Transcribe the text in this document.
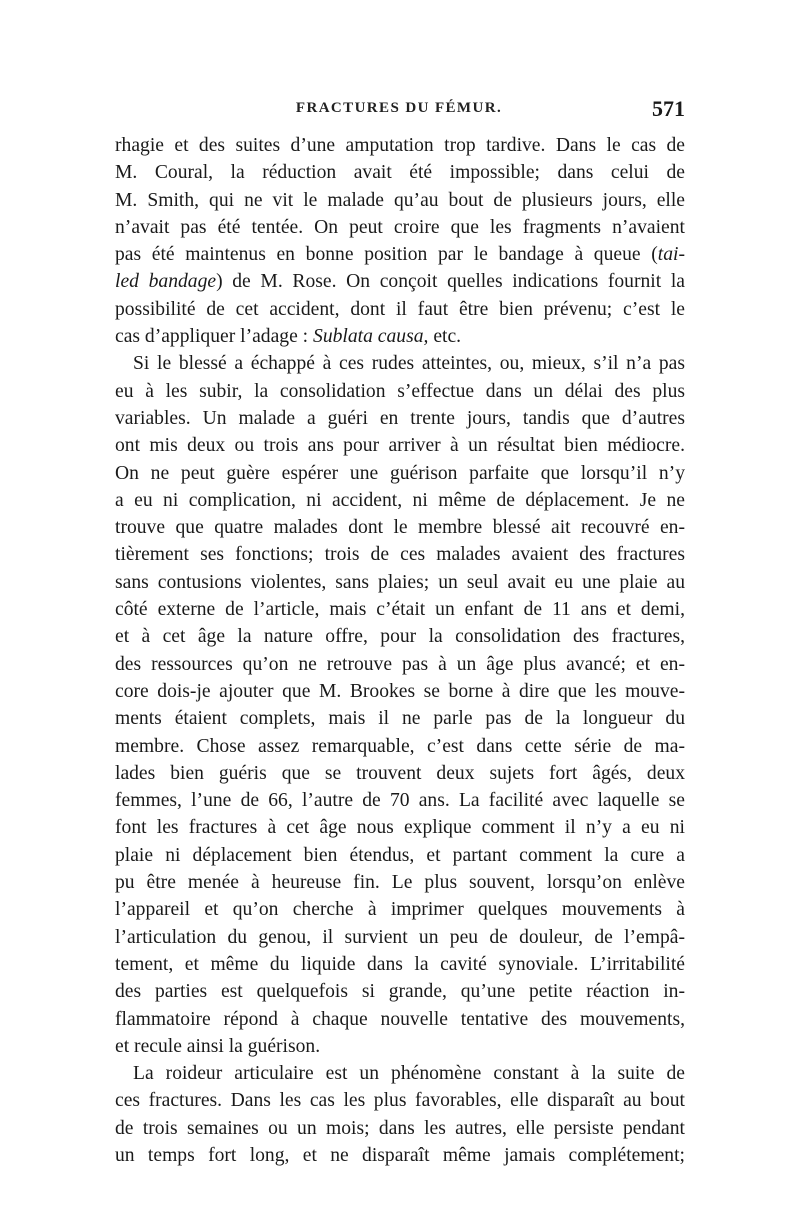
FRACTURES DU FÉMUR.	571
rhagie et des suites d’une amputation trop tardive. Dans le cas de
M. Coural, la réduction avait été impossible; dans celui de
M. Smith, qui ne vit le malade qu’au bout de plusieurs jours, elle
n’avait pas été tentée. On peut croire que les fragments n’avaient
pas été maintenus en bonne position par le bandage à queue (tai-
led bandage) de M. Rose. On conçoit quelles indications fournit la
possibilité de cet accident, dont il faut être bien prévenu; c’est le
cas d’appliquer l’adage : Sublata causa, etc.
Si le blessé a échappé à ces rudes atteintes, ou, mieux, s’il n’a pas
eu à les subir, la consolidation s’effectue dans un délai des plus
variables. Un malade a guéri en trente jours, tandis que d’autres
ont mis deux ou trois ans pour arriver à un résultat bien médiocre.
On ne peut guère espérer une guérison parfaite que lorsqu’il n’y
a eu ni complication, ni accident, ni même de déplacement. Je ne
trouve que quatre malades dont le membre blessé ait recouvré en-
tièrement ses fonctions; trois de ces malades avaient des fractures
sans contusions violentes, sans plaies; un seul avait eu une plaie au
côté externe de l’article, mais c’était un enfant de 11 ans et demi,
et à cet âge la nature offre, pour la consolidation des fractures,
des ressources qu’on ne retrouve pas à un âge plus avancé; et en-
core dois-je ajouter que M. Brookes se borne à dire que les mouve-
ments étaient complets, mais il ne parle pas de la longueur du
membre. Chose assez remarquable, c’est dans cette série de ma-
lades bien guéris que se trouvent deux sujets fort âgés, deux
femmes, l’une de 66, l’autre de 70 ans. La facilité avec laquelle se
font les fractures à cet âge nous explique comment il n’y a eu ni
plaie ni déplacement bien étendus, et partant comment la cure a
pu être menée à heureuse fin. Le plus souvent, lorsqu’on enlève
l’appareil et qu’on cherche à imprimer quelques mouvements à
l’articulation du genou, il survient un peu de douleur, de l’empâ-
tement, et même du liquide dans la cavité synoviale. L’irritabilité
des parties est quelquefois si grande, qu’une petite réaction in-
flammatoire répond à chaque nouvelle tentative des mouvements,
et recule ainsi la guérison.
La roideur articulaire est un phénomène constant à la suite de
ces fractures. Dans les cas les plus favorables, elle disparaît au bout
de trois semaines ou un mois; dans les autres, elle persiste pendant
un temps fort long, et ne disparaît même jamais complétement;
